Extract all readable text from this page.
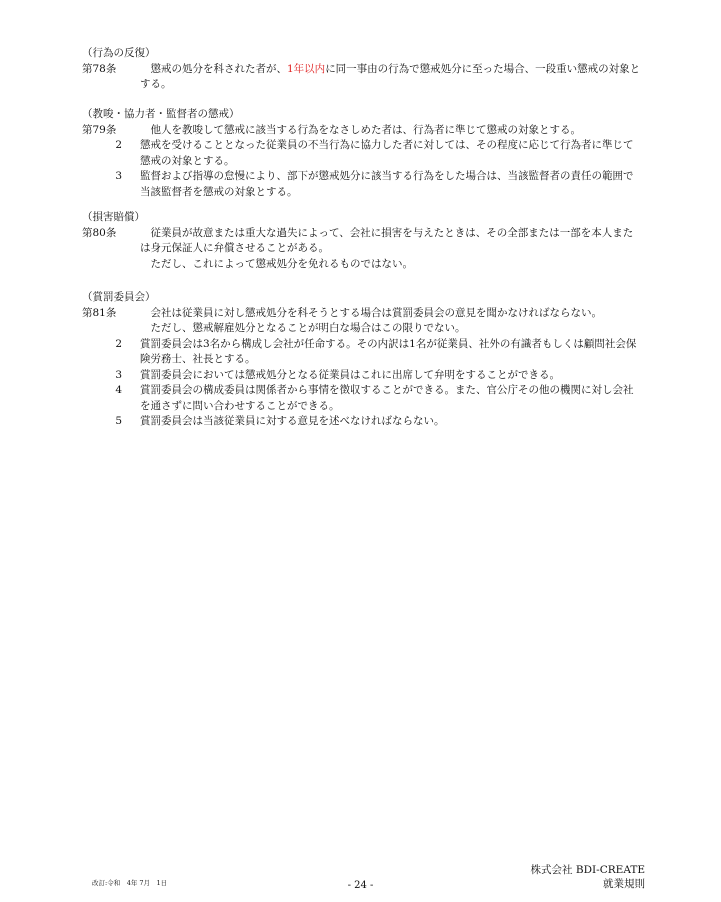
（行為の反復）
第78条	　懲戒の処分を科された者が、1年以内に同一事由の行為で懲戒処分に至った場合、一段重い懲戒の対象とする。
（教唆・協力者・監督者の懲戒）
第79条	　他人を教唆して懲戒に該当する行為をなさしめた者は、行為者に準じて懲戒の対象とする。
2	懲戒を受けることとなった従業員の不当行為に協力した者に対しては、その程度に応じて行為者に準じて懲戒の対象とする。
3	監督および指導の怠慢により、部下が懲戒処分に該当する行為をした場合は、当該監督者の責任の範囲で当該監督者を懲戒の対象とする。
（損害賠償）
第80条	　従業員が故意または重大な過失によって、会社に損害を与えたときは、その全部または一部を本人または身元保証人に弁償させることがある。
ただし、これによって懲戒処分を免れるものではない。
（賞罰委員会）
第81条	　会社は従業員に対し懲戒処分を科そうとする場合は賞罰委員会の意見を聞かなければならない。
ただし、懲戒解雇処分となることが明白な場合はこの限りでない。
2	賞罰委員会は3名から構成し会社が任命する。その内訳は1名が従業員、社外の有識者もしくは顧問社会保険労務士、社長とする。
3	賞罰委員会においては懲戒処分となる従業員はこれに出席して弁明をすることができる。
4	賞罰委員会の構成委員は関係者から事情を徴収することができる。また、官公庁その他の機関に対し会社を通さずに問い合わせすることができる。
5	賞罰委員会は当該従業員に対する意見を述べなければならない。
改訂:令和　4年 7月　1日	- 24 -
株式会社 BDI-CREATE
就業規則
